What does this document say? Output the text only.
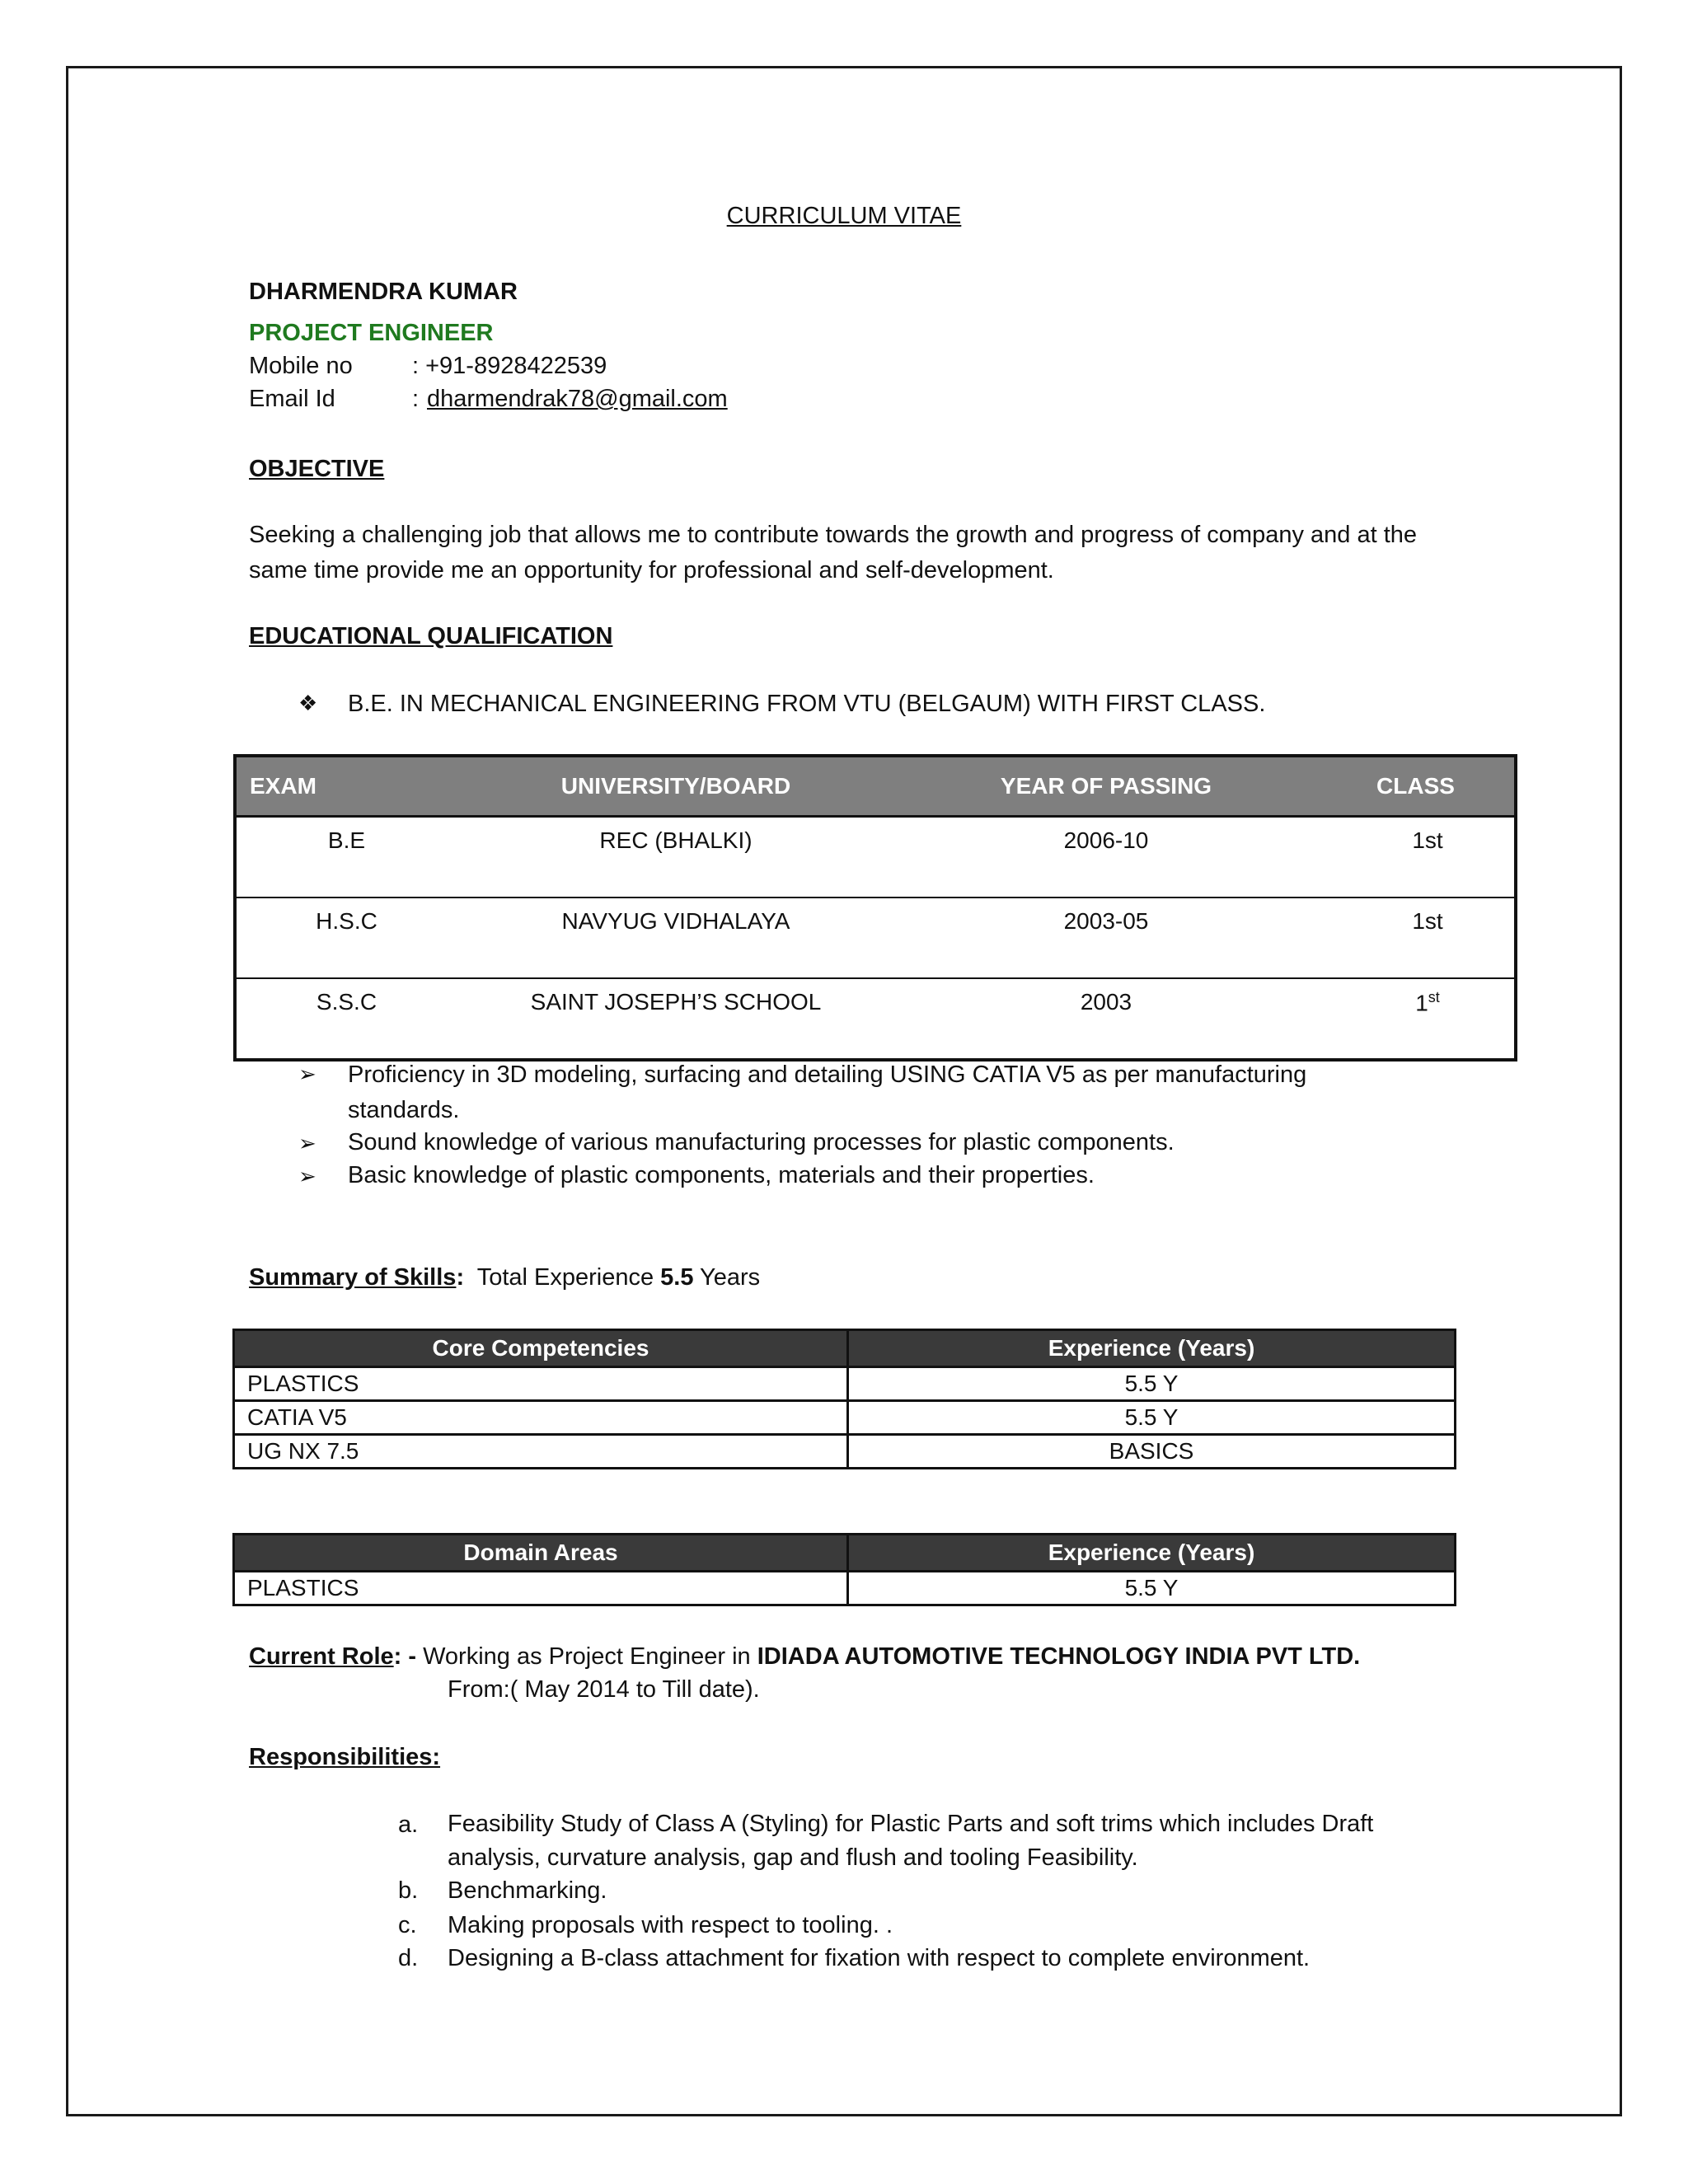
CURRICULUM VITAE
DHARMENDRA KUMAR
PROJECT ENGINEER
Mobile no : +91-8928422539
Email Id	: dharmendrak78@gmail.com
OBJECTIVE
Seeking a challenging job that allows me to contribute towards the growth and progress of company and at the same time provide me an opportunity for professional and self-development.
EDUCATIONAL QUALIFICATION
❖ B.E. IN MECHANICAL ENGINEERING FROM VTU (BELGAUM) WITH FIRST CLASS.
EXAM	UNIVERSITY/BOARD	YEAR OF PASSING	CLASS
B.E	REC (BHALKI)	2006-10	1st
H.S.C	NAVYUG VIDHALAYA	2003-05	1st
S.S.C	SAINT JOSEPH’S SCHOOL	2003	1st
➢ Proficiency in 3D modeling, surfacing and detailing USING CATIA V5 as per manufacturing standards.
➢ Sound knowledge of various manufacturing processes for plastic components.
➢ Basic knowledge of plastic components, materials and their properties.
Summary of Skills: Total Experience 5.5 Years
Core Competencies	Experience (Years)
PLASTICS	5.5 Y
CATIA V5	5.5 Y
UG NX 7.5	BASICS
Domain Areas	Experience (Years)
PLASTICS	5.5 Y
Current Role: - Working as Project Engineer in IDIADA AUTOMOTIVE TECHNOLOGY INDIA PVT LTD.
From:( May 2014 to Till date).
Responsibilities:
a. Feasibility Study of Class A (Styling) for Plastic Parts and soft trims which includes Draft analysis, curvature analysis, gap and flush and tooling Feasibility.
b. Benchmarking.
c. Making proposals with respect to tooling. .
d. Designing a B-class attachment for fixation with respect to complete environment.
